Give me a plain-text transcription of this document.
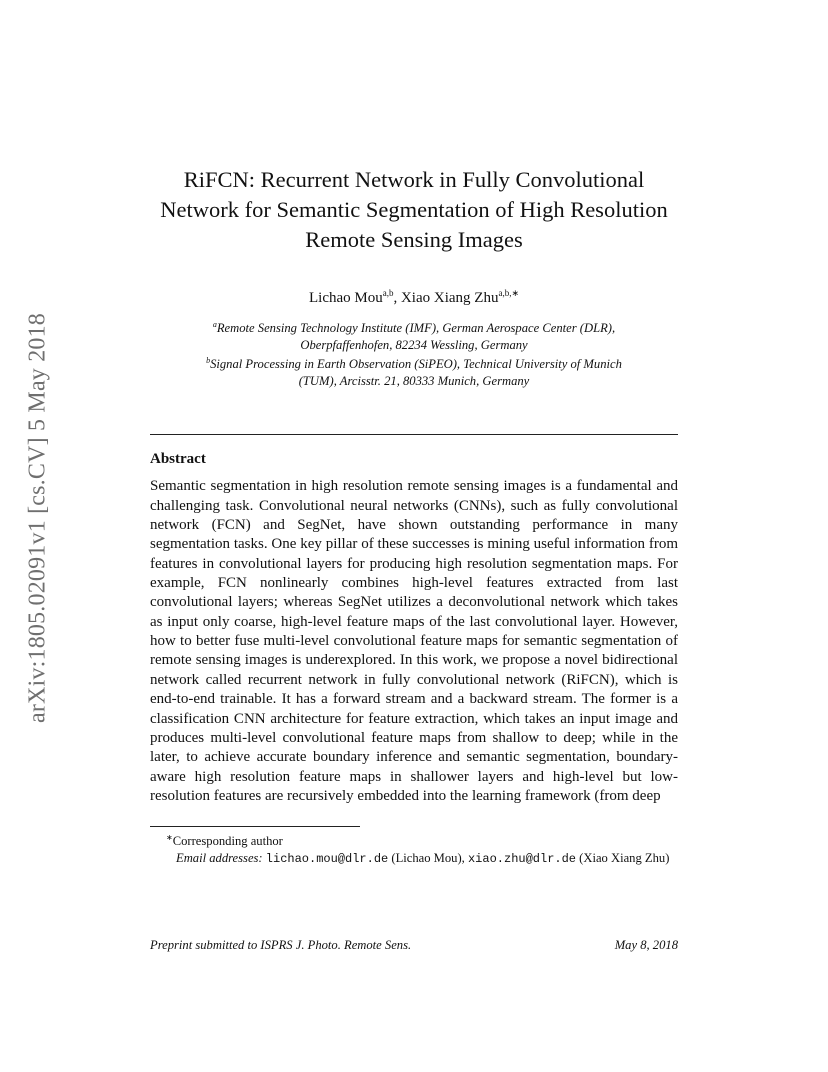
arXiv:1805.02091v1 [cs.CV] 5 May 2018
RiFCN: Recurrent Network in Fully Convolutional
Network for Semantic Segmentation of High Resolution
Remote Sensing Images
Lichao Mou$^{a,b}$, Xiao Xiang Zhu$^{a,b,∗}$
$^a$Remote Sensing Technology Institute (IMF), German Aerospace Center (DLR),
Oberpfaffenhofen, 82234 Wessling, Germany
$^b$Signal Processing in Earth Observation (SiPEO), Technical University of Munich
(TUM), Arcisstr. 21, 80333 Munich, Germany
Abstract
Semantic segmentation in high resolution remote sensing images is a fundamental and challenging task. Convolutional neural networks (CNNs), such as fully convolutional network (FCN) and SegNet, have shown outstanding performance in many segmentation tasks. One key pillar of these successes is mining useful information from features in convolutional layers for producing high resolution segmentation maps. For example, FCN nonlinearly combines high-level features extracted from last convolutional layers; whereas SegNet utilizes a deconvolutional network which takes as input only coarse, high-level feature maps of the last convolutional layer. However, how to better fuse multi-level convolutional feature maps for semantic segmentation of remote sensing images is underexplored. In this work, we propose a novel bidirectional network called recurrent network in fully convolutional network (RiFCN), which is end-to-end trainable. It has a forward stream and a backward stream. The former is a classification CNN architecture for feature extraction, which takes an input image and produces multi-level convolutional feature maps from shallow to deep; while in the later, to achieve accurate boundary inference and semantic segmentation, boundary-aware high resolution feature maps in shallower layers and high-level but low-resolution features are recursively embedded into the learning framework (from deep
∗Corresponding author
Email addresses: lichao.mou@dlr.de (Lichao Mou), xiao.zhu@dlr.de (Xiao Xiang Zhu)
Preprint submitted to ISPRS J. Photo. Remote Sens.	May 8, 2018
